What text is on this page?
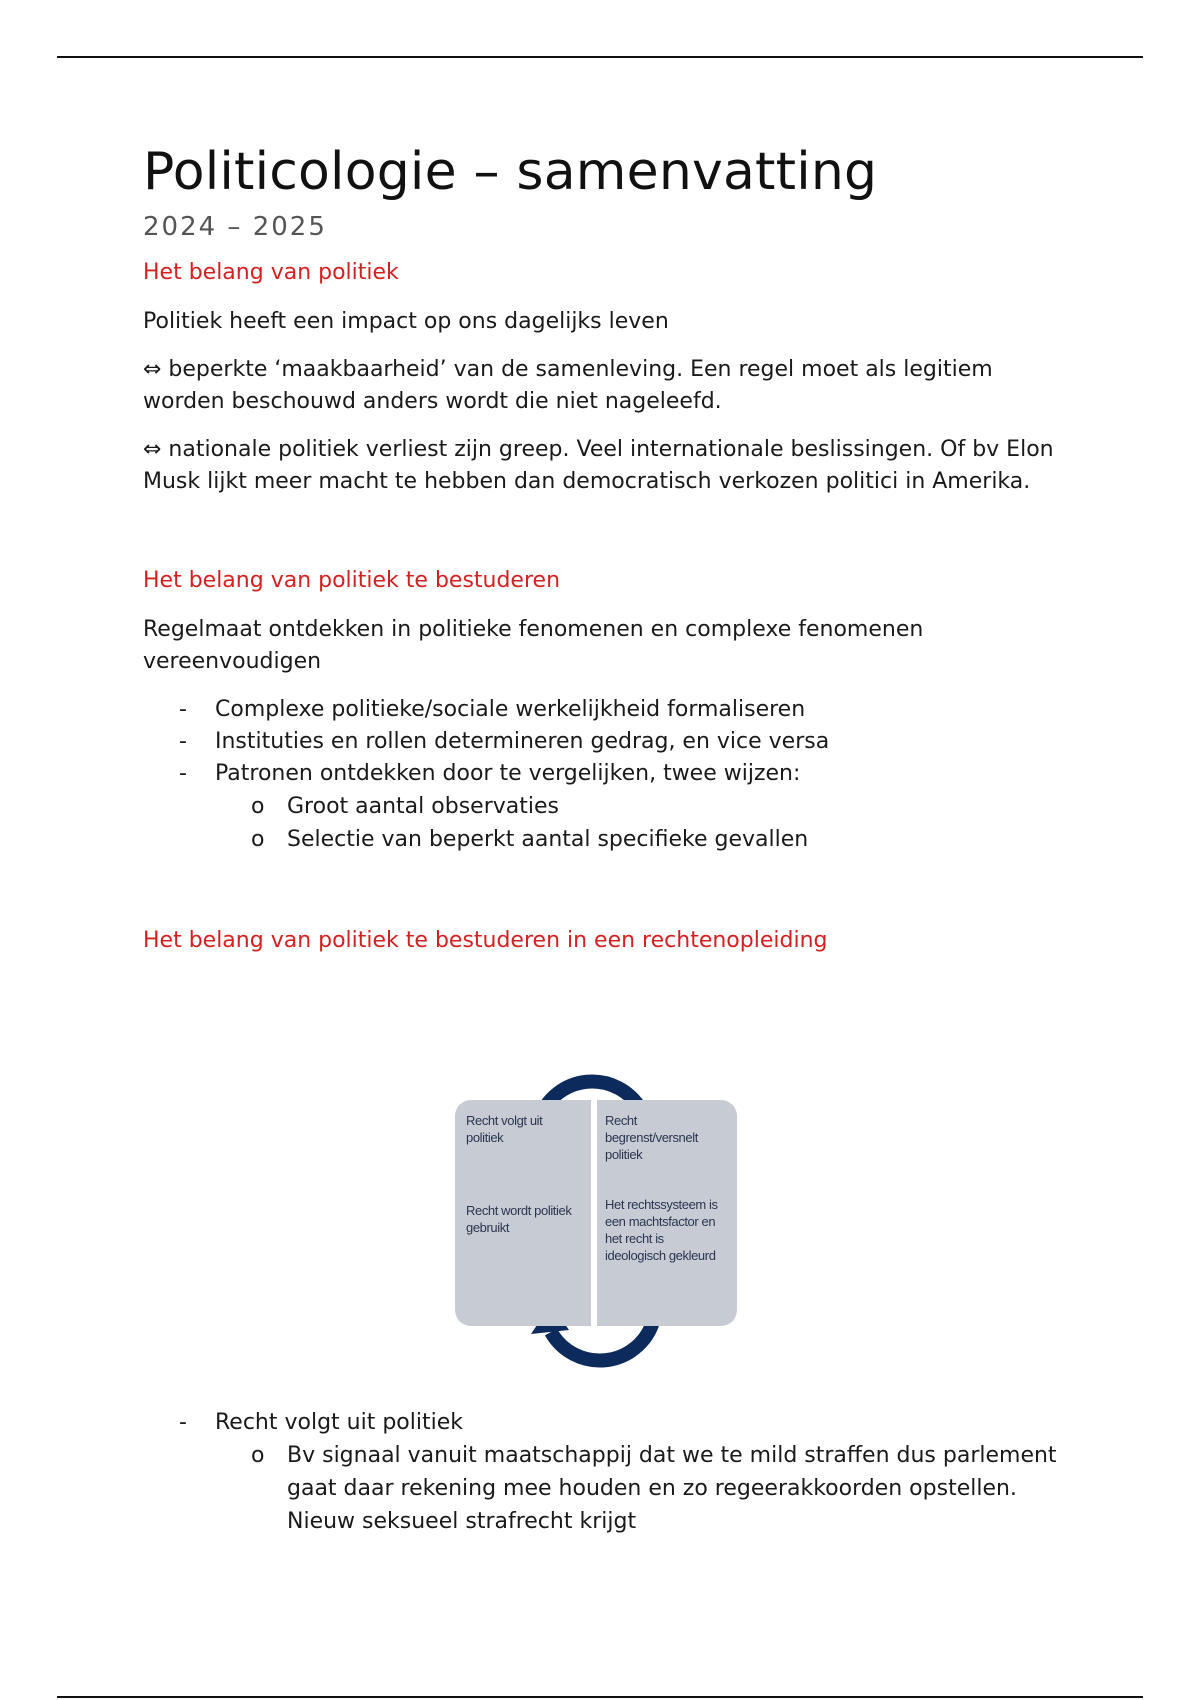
Politicologie – samenvatting
2024 – 2025
Het belang van politiek

Politiek heeft een impact op ons dagelijks leven

⇔ beperkte ‘maakbaarheid’ van de samenleving. Een regel moet als legitiem worden beschouwd anders wordt die niet nageleefd.

⇔ nationale politiek verliest zijn greep. Veel internationale beslissingen. Of bv Elon Musk lijkt meer macht te hebben dan democratisch verkozen politici in Amerika.

Het belang van politiek te bestuderen

Regelmaat ontdekken in politieke fenomenen en complexe fenomenen vereenvoudigen

- Complexe politieke/sociale werkelijkheid formaliseren
- Instituties en rollen determineren gedrag, en vice versa
- Patronen ontdekken door te vergelijken, twee wijzen:
o Groot aantal observaties
o Selectie van beperkt aantal specifieke gevallen
Het belang van politiek te bestuderen in een rechtenopleiding
Recht volgt uit politiek
Recht wordt politiek gebruikt
Recht begrenst/versnelt politiek
Het rechtssysteem is een machtsfactor en het recht is ideologisch gekleurd
- Recht volgt uit politiek
o Bv signaal vanuit maatschappij dat we te mild straffen dus parlement gaat daar rekening mee houden en zo regeerakkoorden opstellen. Nieuw seksueel strafrecht krijgt
